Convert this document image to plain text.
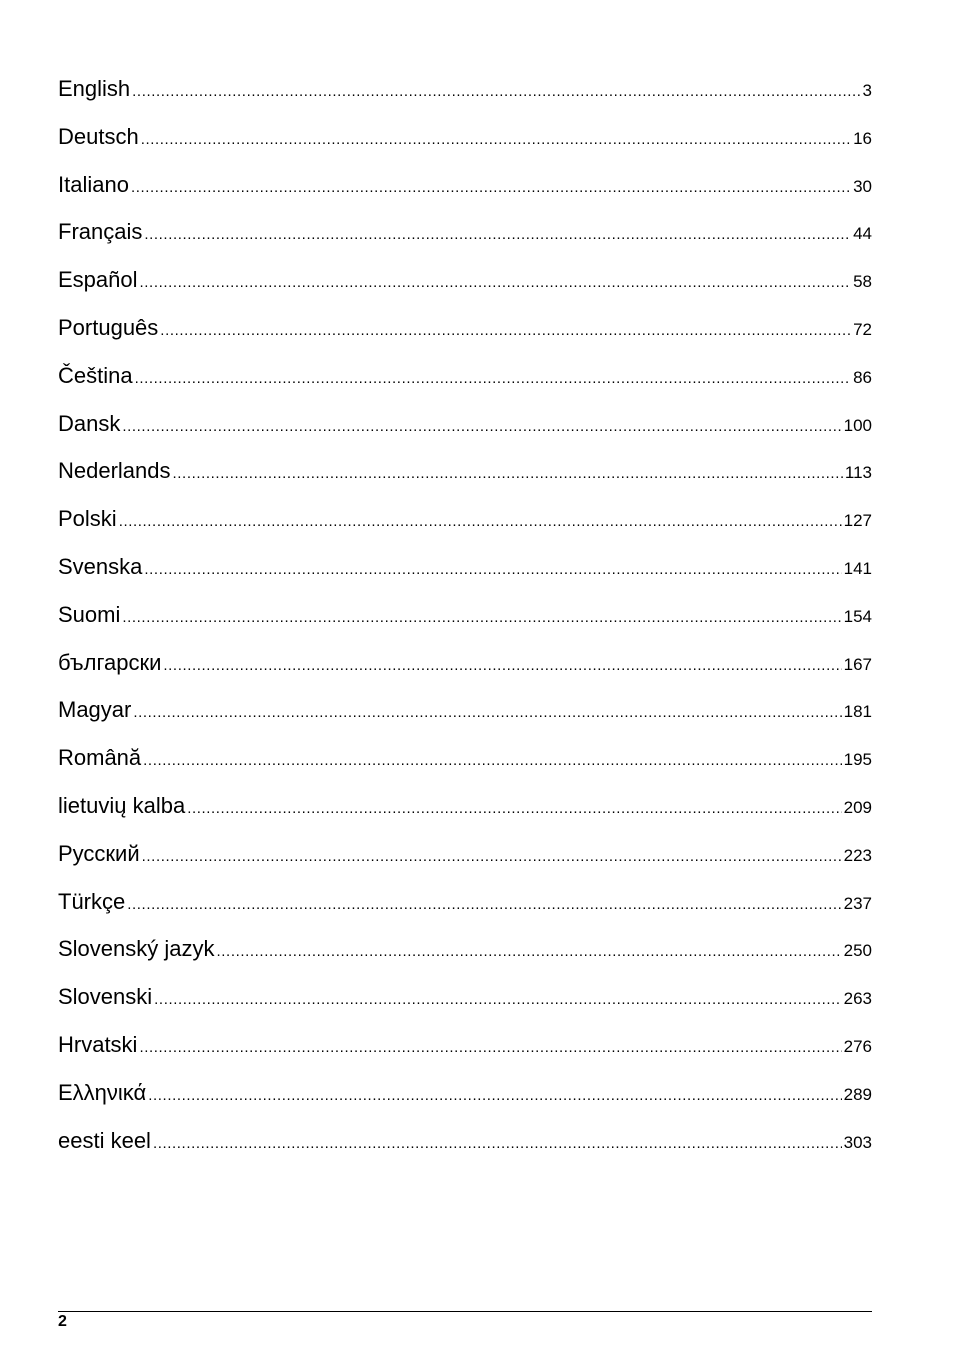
English .....	3
Deutsch .....	16
Italiano .....	30
Français .....	44
Español .....	58
Português .....	72
Čeština .....	86
Dansk .....	100
Nederlands .....	113
Polski .....	127
Svenska .....	141
Suomi .....	154
български .....	167
Magyar .....	181
Română .....	195
lietuvių kalba .....	209
Русский .....	223
Türkçe .....	237
Slovenský jazyk .....	250
Slovenski .....	263
Hrvatski .....	276
Ελληνικά .....	289
eesti keel .....	303
2
